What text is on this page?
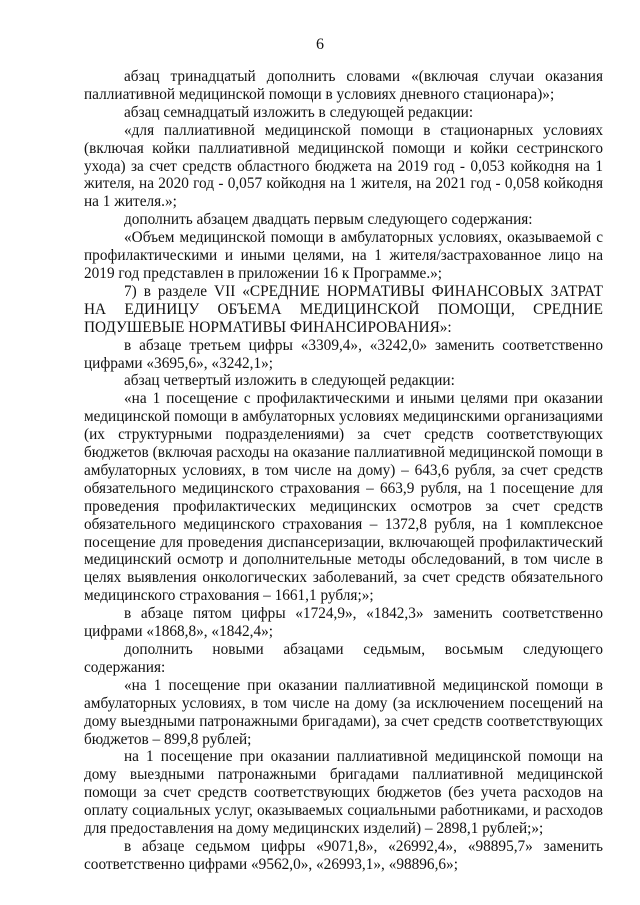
6

абзац тринадцатый дополнить словами «(включая случаи оказания паллиативной медицинской помощи в условиях дневного стационара)»;

абзац семнадцатый изложить в следующей редакции:

«для паллиативной медицинской помощи в стационарных условиях (включая койки паллиативной медицинской помощи и койки сестринского ухода) за счет средств областного бюджета на 2019 год - 0,053 койкодня на 1 жителя, на 2020 год - 0,057 койкодня на 1 жителя, на 2021 год - 0,058 койкодня на 1 жителя.»;

дополнить абзацем двадцать первым следующего содержания:

«Объем медицинской помощи в амбулаторных условиях, оказываемой с профилактическими и иными целями, на 1 жителя/застрахованное лицо на 2019 год представлен в приложении 16 к Программе.»;

7) в разделе VII «СРЕДНИЕ НОРМАТИВЫ ФИНАНСОВЫХ ЗАТРАТ НА ЕДИНИЦУ ОБЪЕМА МЕДИЦИНСКОЙ ПОМОЩИ, СРЕДНИЕ ПОДУШЕВЫЕ НОРМАТИВЫ ФИНАНСИРОВАНИЯ»:

в абзаце третьем цифры «3309,4», «3242,0» заменить соответственно цифрами «3695,6», «3242,1»;

абзац четвертый изложить в следующей редакции:

«на 1 посещение с профилактическими и иными целями при оказании медицинской помощи в амбулаторных условиях медицинскими организациями (их структурными подразделениями) за счет средств соответствующих бюджетов (включая расходы на оказание паллиативной медицинской помощи в амбулаторных условиях, в том числе на дому) – 643,6 рубля, за счет средств обязательного медицинского страхования – 663,9 рубля, на 1 посещение для проведения профилактических медицинских осмотров за счет средств обязательного медицинского страхования – 1372,8 рубля, на 1 комплексное посещение для проведения диспансеризации, включающей профилактический медицинский осмотр и дополнительные методы обследований, в том числе в целях выявления онкологических заболеваний, за счет средств обязательного медицинского страхования – 1661,1 рубля;»;

в абзаце пятом цифры «1724,9», «1842,3» заменить соответственно цифрами «1868,8», «1842,4»;

дополнить новыми абзацами седьмым, восьмым следующего содержания:

«на 1 посещение при оказании паллиативной медицинской помощи в амбулаторных условиях, в том числе на дому (за исключением посещений на дому выездными патронажными бригадами), за счет средств соответствующих бюджетов – 899,8 рублей;

на 1 посещение при оказании паллиативной медицинской помощи на дому выездными патронажными бригадами паллиативной медицинской помощи за счет средств соответствующих бюджетов (без учета расходов на оплату социальных услуг, оказываемых социальными работниками, и расходов для предоставления на дому медицинских изделий) – 2898,1 рублей;»;

в абзаце седьмом цифры «9071,8», «26992,4», «98895,7» заменить соответственно цифрами «9562,0», «26993,1», «98896,6»;
